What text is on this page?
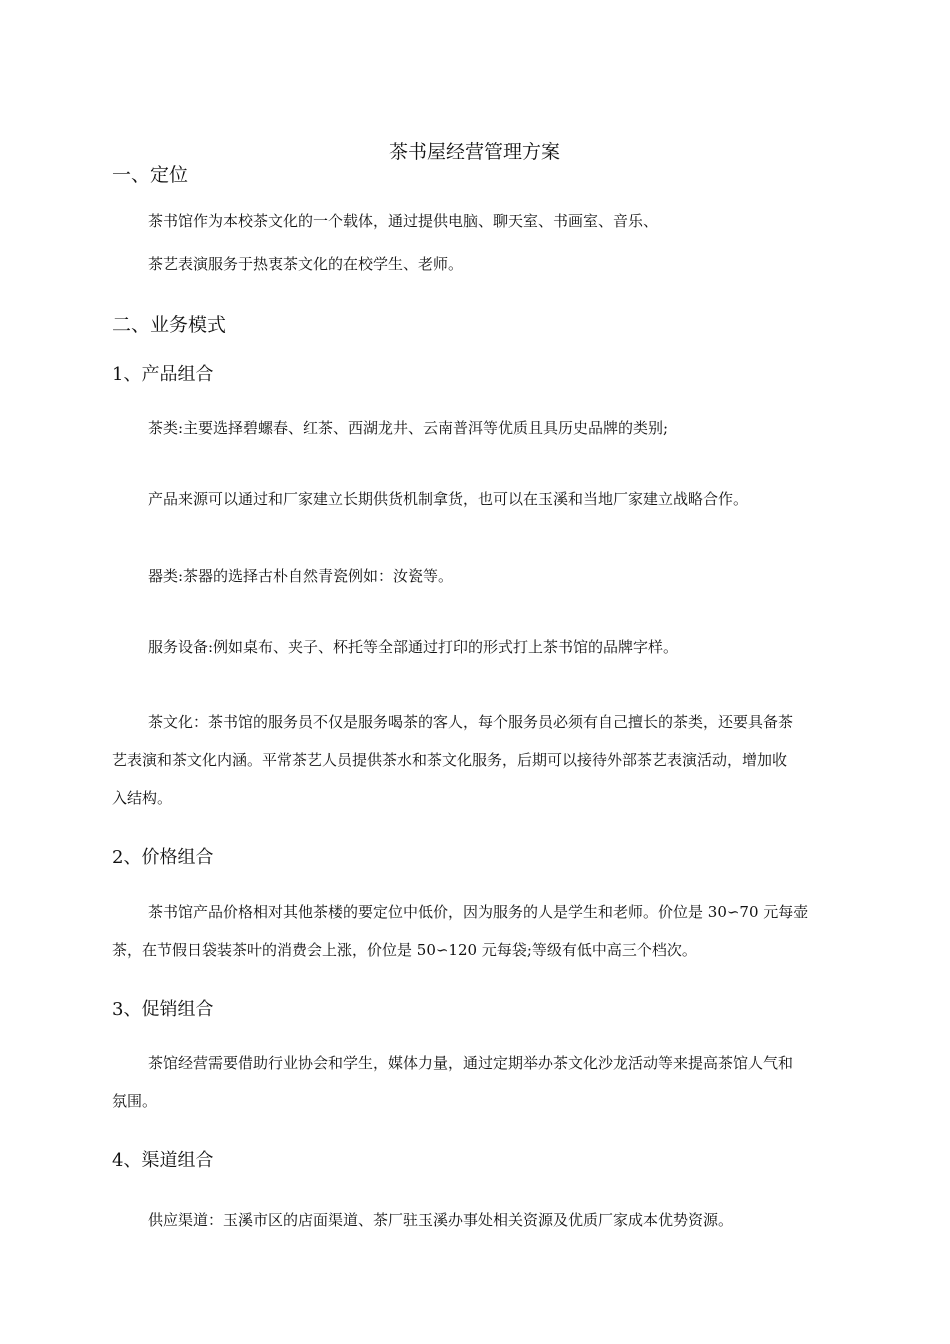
茶书屋经营管理方案
一、定位
茶书馆作为本校茶文化的一个载体，通过提供电脑、聊天室、书画室、音乐、
茶艺表演服务于热衷茶文化的在校学生、老师。
二、业务模式
1、产品组合
茶类:主要选择碧螺春、红茶、西湖龙井、云南普洱等优质且具历史品牌的类别;
产品来源可以通过和厂家建立长期供货机制拿货，也可以在玉溪和当地厂家建立战略合作。
器类:茶器的选择古朴自然青瓷例如：汝瓷等。
服务设备:例如桌布、夹子、杯托等全部通过打印的形式打上茶书馆的品牌字样。
茶文化：茶书馆的服务员不仅是服务喝茶的客人，每个服务员必须有自己擅长的茶类，还要具备茶
艺表演和茶文化内涵。平常茶艺人员提供茶水和茶文化服务，后期可以接待外部茶艺表演活动，增加收
入结构。
2、价格组合
茶书馆产品价格相对其他茶楼的要定位中低价，因为服务的人是学生和老师。价位是 30∽70 元每壶
茶，在节假日袋装茶叶的消费会上涨，价位是 50∽120 元每袋;等级有低中高三个档次。
3、促销组合
茶馆经营需要借助行业协会和学生，媒体力量，通过定期举办茶文化沙龙活动等来提高茶馆人气和
氛围。
4、渠道组合
供应渠道：玉溪市区的店面渠道、茶厂驻玉溪办事处相关资源及优质厂家成本优势资源。
